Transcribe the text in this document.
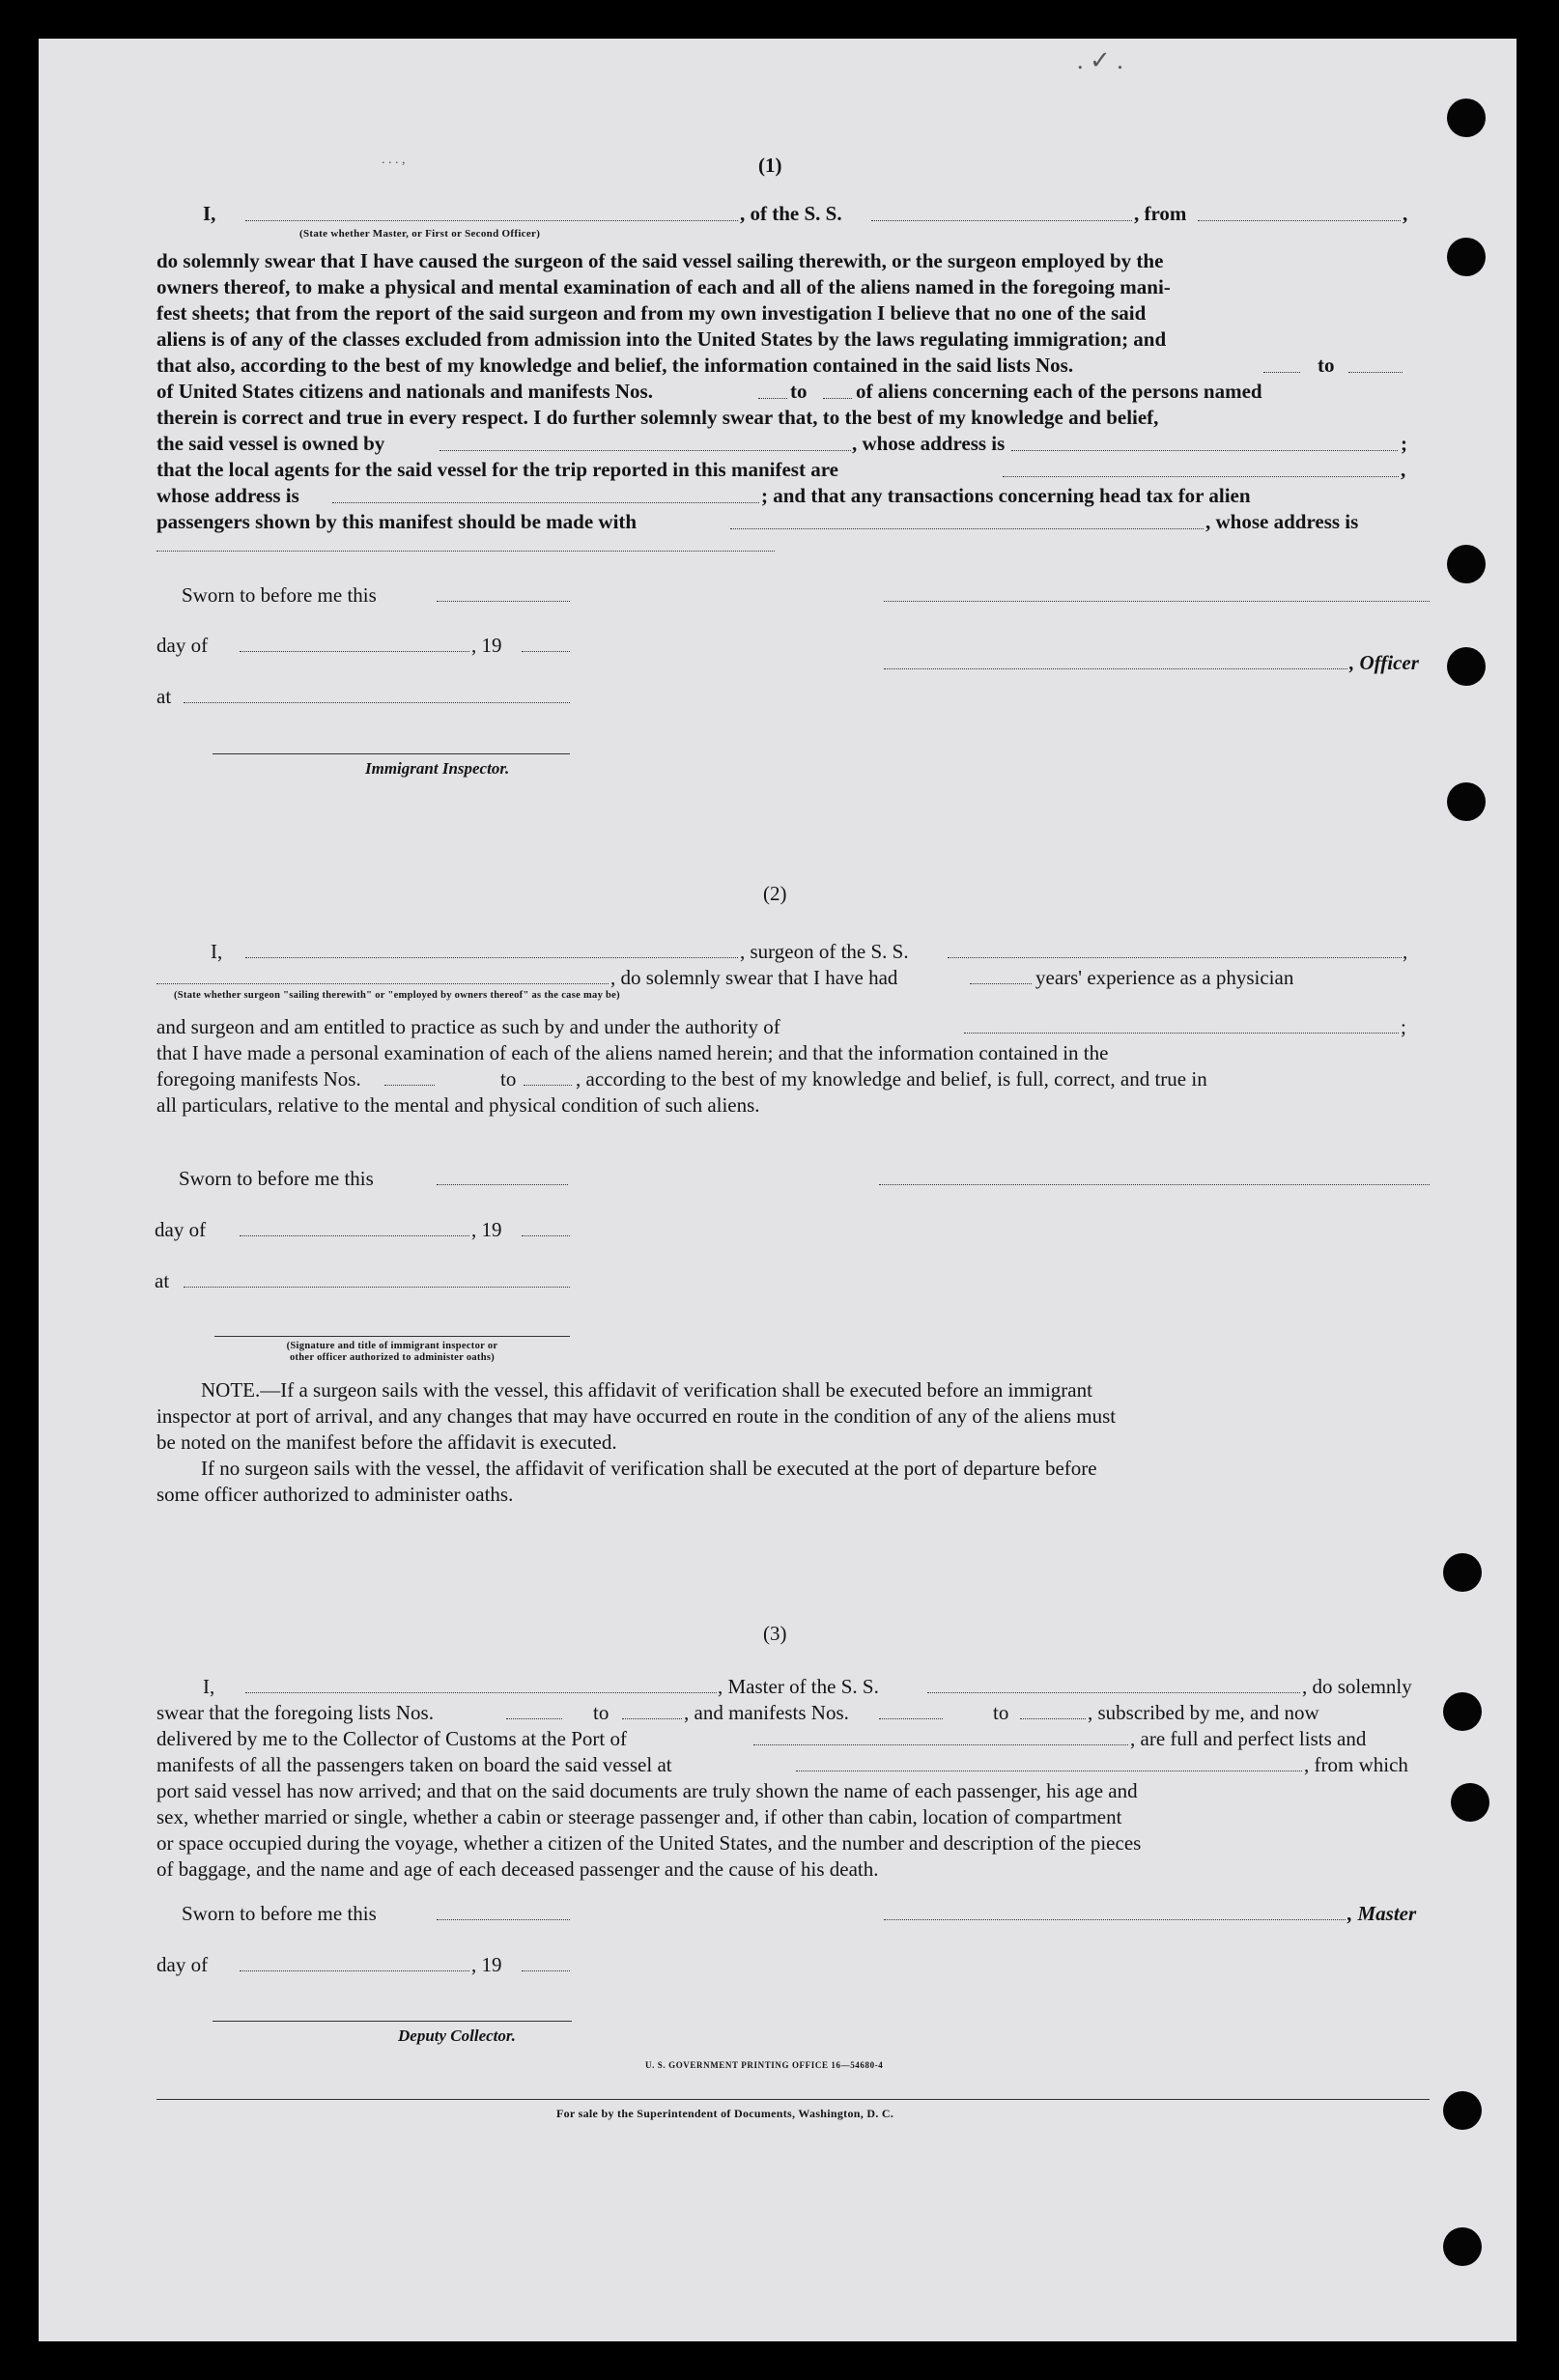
. ✓ .
. . . ,	(1)
I,	, of the S. S.	, from	,
(State whether Master, or First or Second Officer)
do solemnly swear that I have caused the surgeon of the said vessel sailing therewith, or the surgeon employed by the
owners thereof, to make a physical and mental examination of each and all of the aliens named in the foregoing mani-
fest sheets; that from the report of the said surgeon and from my own investigation I believe that no one of the said
aliens is of any of the classes excluded from admission into the United States by the laws regulating immigration; and
that also, according to the best of my knowledge and belief, the information contained in the said lists Nos.	to
of United States citizens and nationals and manifests Nos.	to of aliens concerning each of the persons named
therein is correct and true in every respect. I do further solemnly swear that, to the best of my knowledge and belief,
the said vessel is owned by	, whose address is	;
that the local agents for the said vessel for the trip reported in this manifest are	,
whose address is	; and that any transactions concerning head tax for alien
passengers shown by this manifest should be made with	, whose address is
Sworn to before me this
day of	, 19
, Officer
at
Immigrant Inspector.
(2)
I,	, surgeon of the S. S.	,
, do solemnly swear that I have had	years' experience as a physician
(State whether surgeon "sailing therewith" or "employed by owners thereof" as the case may be)
and surgeon and am entitled to practice as such by and under the authority of	;
that I have made a personal examination of each of the aliens named herein; and that the information contained in the
foregoing manifests Nos.	to	, according to the best of my knowledge and belief, is full, correct, and true in
all particulars, relative to the mental and physical condition of such aliens.
Sworn to before me this
day of	, 19
at
(Signature and title of immigrant inspector or
other officer authorized to administer oaths)
NOTE.—If a surgeon sails with the vessel, this affidavit of verification shall be executed before an immigrant
inspector at port of arrival, and any changes that may have occurred en route in the condition of any of the aliens must
be noted on the manifest before the affidavit is executed.
If no surgeon sails with the vessel, the affidavit of verification shall be executed at the port of departure before
some officer authorized to administer oaths.
(3)
I,	, Master of the S. S.	, do solemnly
swear that the foregoing lists Nos.	to	, and manifests Nos.	to	, subscribed by me, and now
delivered by me to the Collector of Customs at the Port of	, are full and perfect lists and
manifests of all the passengers taken on board the said vessel at	, from which
port said vessel has now arrived; and that on the said documents are truly shown the name of each passenger, his age and
sex, whether married or single, whether a cabin or steerage passenger and, if other than cabin, location of compartment
or space occupied during the voyage, whether a citizen of the United States, and the number and description of the pieces
of baggage, and the name and age of each deceased passenger and the cause of his death.
Sworn to before me this	, Master
day of	, 19
Deputy Collector.
U. S. GOVERNMENT PRINTING OFFICE 16—54680-4
For sale by the Superintendent of Documents, Washington, D. C.
